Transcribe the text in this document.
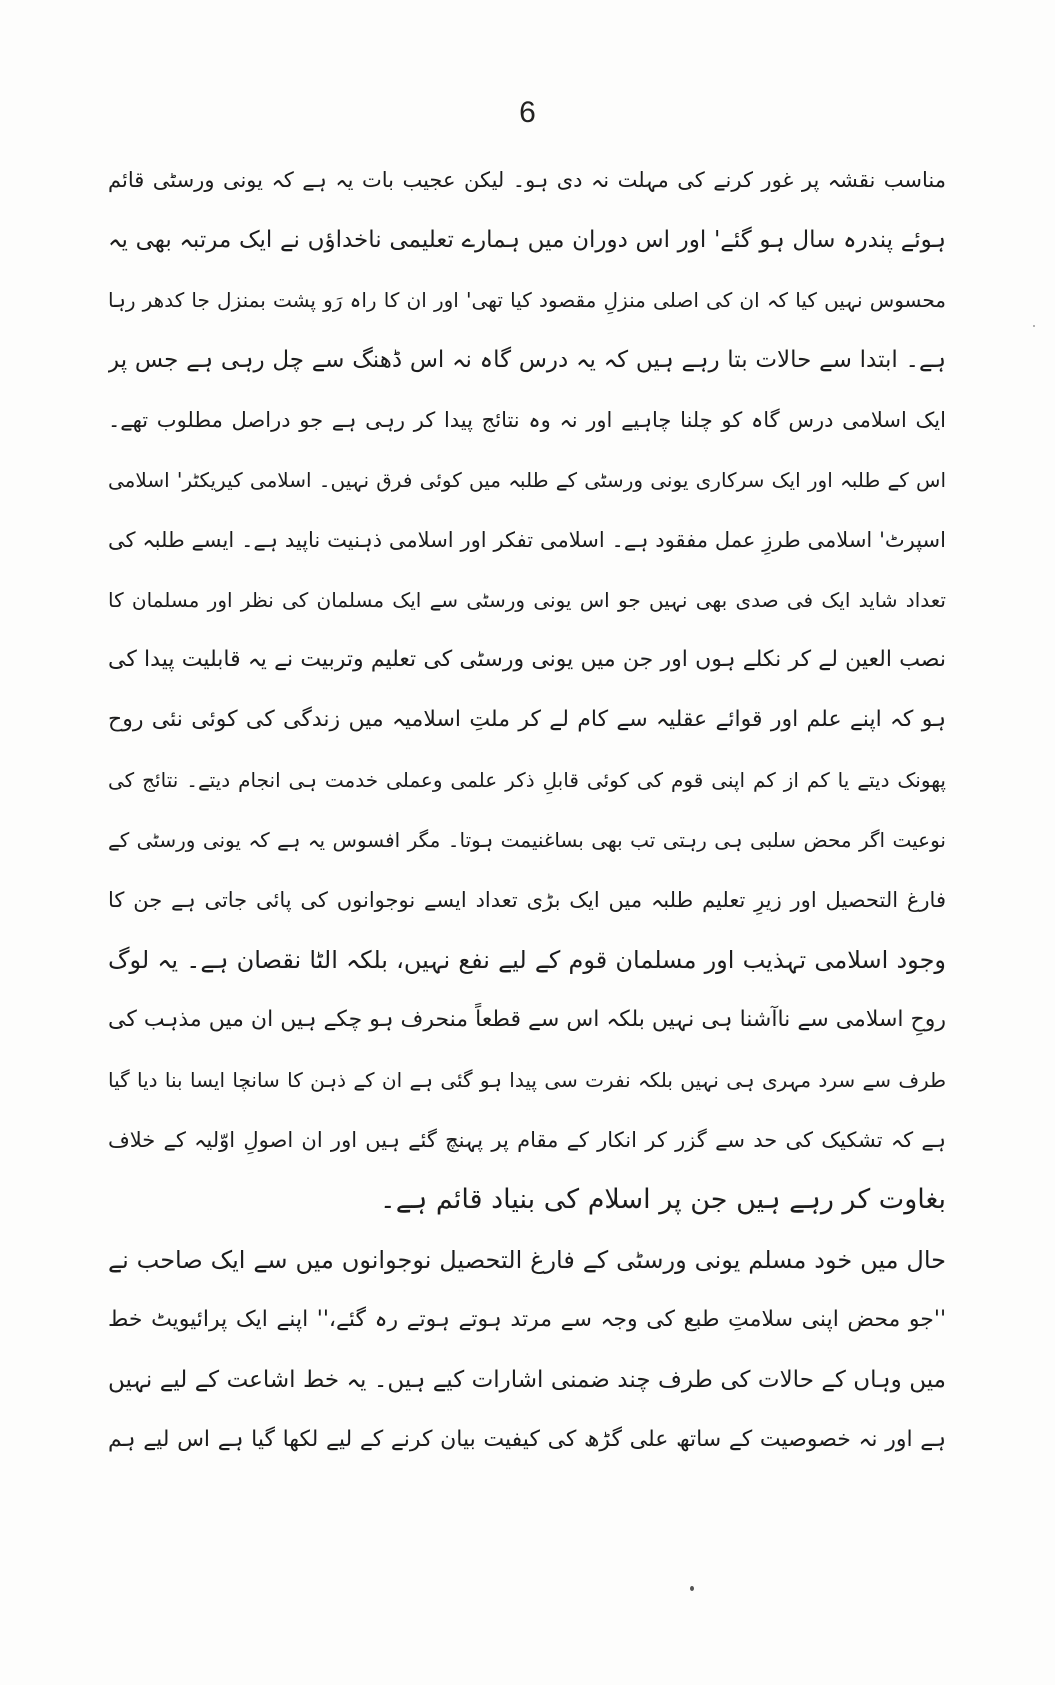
6
مناسب نقشہ پر غور کرنے کی مہلت نہ دی ہو۔ لیکن عجیب بات یہ ہے کہ یونی ورسٹی قائم
ہوئے پندرہ سال ہو گئے' اور اس دوران میں ہمارے تعلیمی ناخداؤں نے ایک مرتبہ بھی یہ
محسوس نہیں کیا کہ ان کی اصلی منزلِ مقصود کیا تھی' اور ان کا راہ رَو پشت بمنزل جا کدھر رہا
ہے۔ ابتدا سے حالات بتا رہے ہیں کہ یہ درس گاہ نہ اس ڈھنگ سے چل رہی ہے جس پر
ایک اسلامی درس گاہ کو چلنا چاہیے اور نہ وہ نتائج پیدا کر رہی ہے جو دراصل مطلوب تھے۔
اس کے طلبہ اور ایک سرکاری یونی ورسٹی کے طلبہ میں کوئی فرق نہیں۔ اسلامی کیریکٹر' اسلامی
اسپرٹ' اسلامی طرزِ عمل مفقود ہے۔ اسلامی تفکر اور اسلامی ذہنیت ناپید ہے۔ ایسے طلبہ کی
تعداد شاید ایک فی صدی بھی نہیں جو اس یونی ورسٹی سے ایک مسلمان کی نظر اور مسلمان کا
نصب العین لے کر نکلے ہوں اور جن میں یونی ورسٹی کی تعلیم وتربیت نے یہ قابلیت پیدا کی
ہو کہ اپنے علم اور قوائے عقلیہ سے کام لے کر ملتِ اسلامیہ میں زندگی کی کوئی نئی روح
پھونک دیتے یا کم از کم اپنی قوم کی کوئی قابلِ ذکر علمی وعملی خدمت ہی انجام دیتے۔ نتائج کی
نوعیت اگر محض سلبی ہی رہتی تب بھی بساغنیمت ہوتا۔ مگر افسوس یہ ہے کہ یونی ورسٹی کے
فارغ التحصیل اور زیرِ تعلیم طلبہ میں ایک بڑی تعداد ایسے نوجوانوں کی پائی جاتی ہے جن کا
وجود اسلامی تہذیب اور مسلمان قوم کے لیے نفع نہیں، بلکہ الٹا نقصان ہے۔ یہ لوگ
روحِ اسلامی سے ناآشنا ہی نہیں بلکہ اس سے قطعاً منحرف ہو چکے ہیں ان میں مذہب کی
طرف سے سرد مہری ہی نہیں بلکہ نفرت سی پیدا ہو گئی ہے ان کے ذہن کا سانچا ایسا بنا دیا گیا
ہے کہ تشکیک کی حد سے گزر کر انکار کے مقام پر پہنچ گئے ہیں اور ان اصولِ اوّلیہ کے خلاف
بغاوت کر رہے ہیں جن پر اسلام کی بنیاد قائم ہے۔
حال میں خود مسلم یونی ورسٹی کے فارغ التحصیل نوجوانوں میں سے ایک صاحب نے
''جو محض اپنی سلامتِ طبع کی وجہ سے مرتد ہوتے ہوتے رہ گئے،'' اپنے ایک پرائیویٹ خط
میں وہاں کے حالات کی طرف چند ضمنی اشارات کیے ہیں۔ یہ خط اشاعت کے لیے نہیں
ہے اور نہ خصوصیت کے ساتھ علی گڑھ کی کیفیت بیان کرنے کے لیے لکھا گیا ہے اس لیے ہم
